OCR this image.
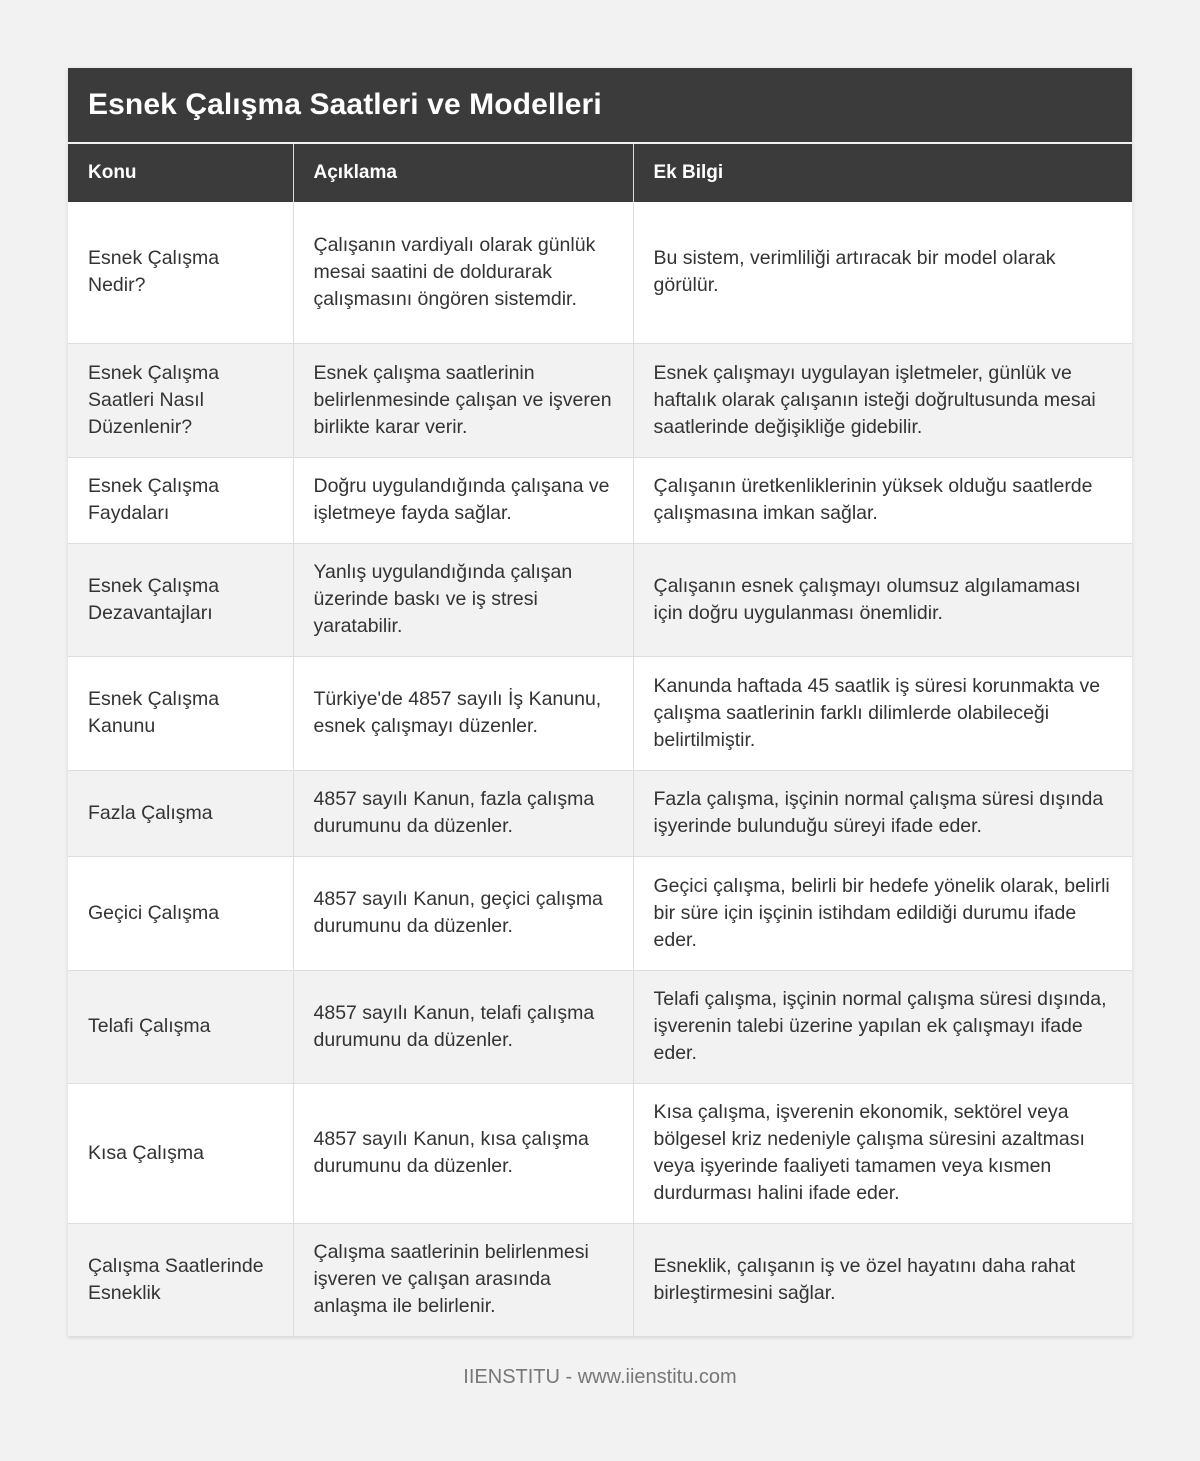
Esnek Çalışma Saatleri ve Modelleri
Konu	Açıklama	Ek Bilgi
Esnek Çalışma Nedir?	Çalışanın vardiyalı olarak günlük mesai saatini de doldurarak çalışmasını öngören sistemdir.	Bu sistem, verimliliği artıracak bir model olarak görülür.
Esnek Çalışma Saatleri Nasıl Düzenlenir?	Esnek çalışma saatlerinin belirlenmesinde çalışan ve işveren birlikte karar verir.	Esnek çalışmayı uygulayan işletmeler, günlük ve haftalık olarak çalışanın isteği doğrultusunda mesai saatlerinde değişikliğe gidebilir.
Esnek Çalışma Faydaları	Doğru uygulandığında çalışana ve işletmeye fayda sağlar.	Çalışanın üretkenliklerinin yüksek olduğu saatlerde çalışmasına imkan sağlar.
Esnek Çalışma Dezavantajları	Yanlış uygulandığında çalışan üzerinde baskı ve iş stresi yaratabilir.	Çalışanın esnek çalışmayı olumsuz algılamaması için doğru uygulanması önemlidir.
Esnek Çalışma Kanunu	Türkiye'de 4857 sayılı İş Kanunu, esnek çalışmayı düzenler.	Kanunda haftada 45 saatlik iş süresi korunmakta ve çalışma saatlerinin farklı dilimlerde olabileceği belirtilmiştir.
Fazla Çalışma	4857 sayılı Kanun, fazla çalışma durumunu da düzenler.	Fazla çalışma, işçinin normal çalışma süresi dışında işyerinde bulunduğu süreyi ifade eder.
Geçici Çalışma	4857 sayılı Kanun, geçici çalışma durumunu da düzenler.	Geçici çalışma, belirli bir hedefe yönelik olarak, belirli bir süre için işçinin istihdam edildiği durumu ifade eder.
Telafi Çalışma	4857 sayılı Kanun, telafi çalışma durumunu da düzenler.	Telafi çalışma, işçinin normal çalışma süresi dışında, işverenin talebi üzerine yapılan ek çalışmayı ifade eder.
Kısa Çalışma	4857 sayılı Kanun, kısa çalışma durumunu da düzenler.	Kısa çalışma, işverenin ekonomik, sektörel veya bölgesel kriz nedeniyle çalışma süresini azaltması veya işyerinde faaliyeti tamamen veya kısmen durdurması halini ifade eder.
Çalışma Saatlerinde Esneklik	Çalışma saatlerinin belirlenmesi işveren ve çalışan arasında anlaşma ile belirlenir.	Esneklik, çalışanın iş ve özel hayatını daha rahat birleştirmesini sağlar.
IIENSTITU - www.iienstitu.com
